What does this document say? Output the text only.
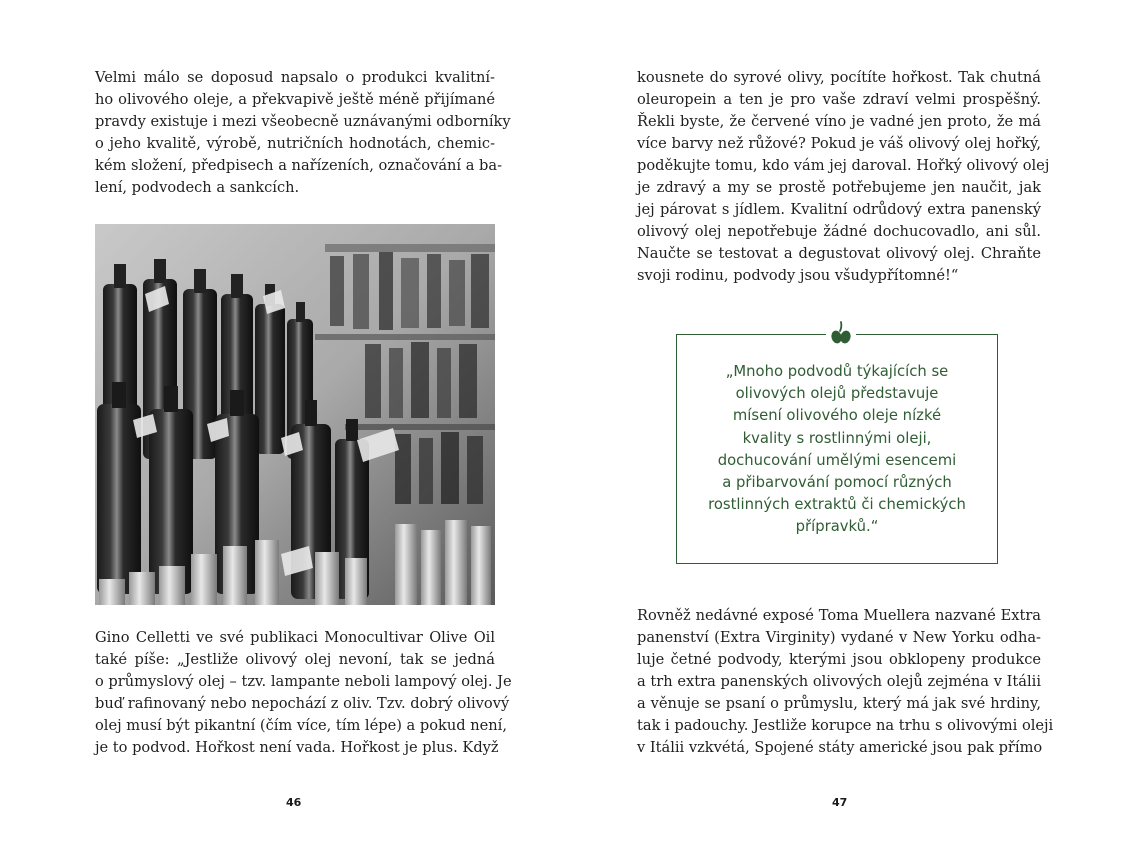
Velmi málo se doposud napsalo o produkci kvalitní-
ho olivového oleje, a překvapivě ještě méně přijímané
pravdy existuje i mezi všeobecně uznávanými odborníky
o jeho kvalitě, výrobě, nutričních hodnotách, chemic-
kém složení, předpisech a nařízeních, označování a ba-
lení, podvodech a sankcích.

Gino Celletti ve své publikaci Monocultivar Olive Oil
také píše: „Jestliže olivový olej nevoní, tak se jedná
o průmyslový olej – tzv. lampante neboli lampový olej. Je
buď rafinovaný nebo nepochází z oliv. Tzv. dobrý olivový
olej musí být pikantní (čím více, tím lépe) a pokud není,
je to podvod. Hořkost není vada. Hořkost je plus. Když

46

kousnete do syrové olivy, pocítíte hořkost. Tak chutná
oleuropein a ten je pro vaše zdraví velmi prospěšný.
Řekli byste, že červené víno je vadné jen proto, že má
více barvy než růžové? Pokud je váš olivový olej hořký,
poděkujte tomu, kdo vám jej daroval. Hořký olivový olej
je zdravý a my se prostě potřebujeme jen naučit, jak
jej párovat s jídlem. Kvalitní odrůdový extra panenský
olivový olej nepotřebuje žádné dochucovadlo, ani sůl.
Naučte se testovat a degustovat olivový olej. Chraňte
svoji rodinu, podvody jsou všudypřítomné!“

„Mnoho podvodů týkajících se
olivových olejů představuje
mísení olivového oleje nízké
kvality s rostlinnými oleji,
dochucování umělými esencemi
a přibarvování pomocí různých
rostlinných extraktů či chemických
přípravků.“

Rovněž nedávné exposé Toma Muellera nazvané Extra
panenství (Extra Virginity) vydané v New Yorku odha-
luje četné podvody, kterými jsou obklopeny produkce
a trh extra panenských olivových olejů zejména v Itálii
a věnuje se psaní o průmyslu, který má jak své hrdiny,
tak i padouchy. Jestliže korupce na trhu s olivovými oleji
v Itálii vzkvétá, Spojené státy americké jsou pak přímo

47
